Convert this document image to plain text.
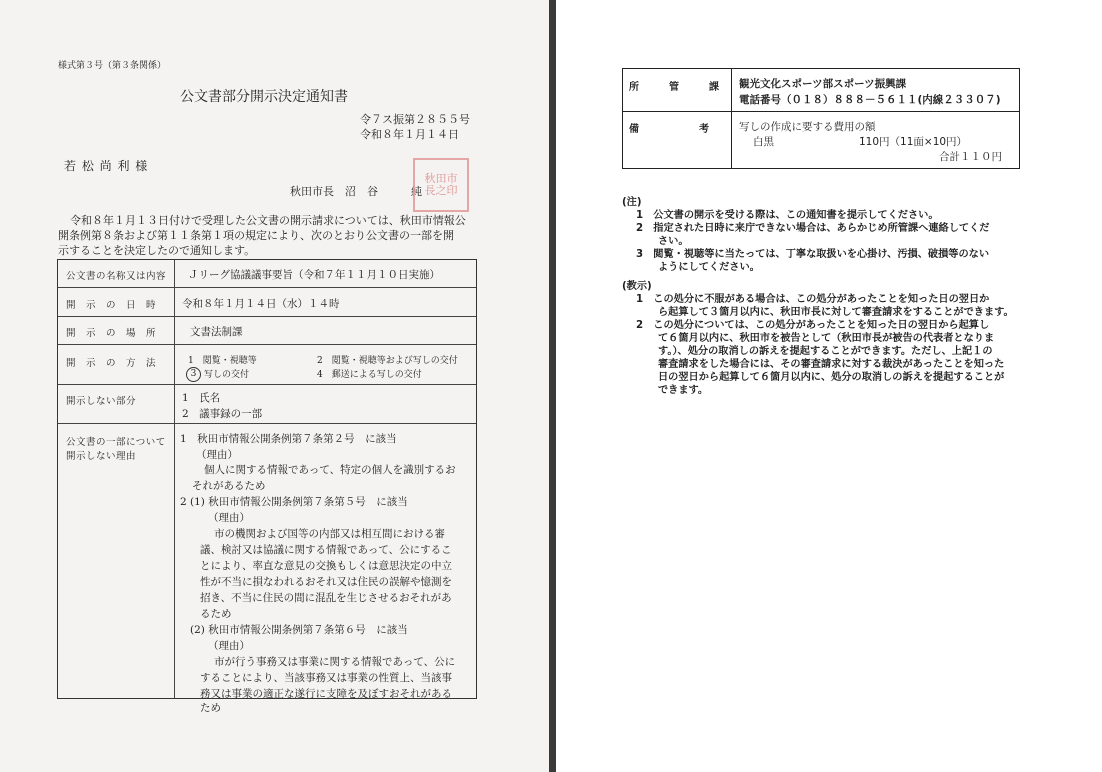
様式第３号（第３条関係）
公文書部分開示決定通知書
令７ス振第２８５５号
令和８年１月１４日
若 松 尚 利 様
秋田市長　沼　谷　　　純
秋田市
長之印
令和８年１月１３日付けで受理した公文書の開示請求については、秋田市情報公
開条例第８条および第１１条第１項の規定により、次のとおり公文書の一部を開
示することを決定したので通知します。
公文書の名称又は内容 Ｊリーグ協議議事要旨（令和７年１１月１０日実施）
開　示　の　日　時 令和８年１月１４日（水）１４時
開　示　の　場　所	文書法制課
開　示　の　方　法	1　閲覧・視聴等	2　閲覧・視聴等および写しの交付
3 写しの交付	4　郵送による写しの交付
開示しない部分	1　氏名
2　議事録の一部
公文書の一部について
開示しない理由
1　秋田市情報公開条例第７条第２号　に該当
（理由）
個人に関する情報であって、特定の個人を識別するお
それがあるため
2 (1) 秋田市情報公開条例第７条第５号　に該当
（理由）
市の機関および国等の内部又は相互間における審
議、検討又は協議に関する情報であって、公にするこ
とにより、率直な意見の交換もしくは意思決定の中立
性が不当に損なわれるおそれ又は住民の誤解や憶測を
招き、不当に住民の間に混乱を生じさせるおそれがあ
るため
(2) 秋田市情報公開条例第７条第６号　に該当
（理由）
市が行う事務又は事業に関する情報であって、公に
することにより、当該事務又は事業の性質上、当該事
務又は事業の適正な遂行に支障を及ぼすおそれがある
ため
所　　　管　　　課 観光文化スポーツ部スポーツ振興課
電話番号（０１８）８８８－５６１１(内線２３３０７)
備　　　　　　考	写しの作成に要する費用の額
白黒	1̇10円（11面×10円）
合計１１０円

(注)

1　公文書の開示を受ける際は、この通知書を提示してください。

2　指定された日時に来庁できない場合は、あらかじめ所管課へ連絡してくだ

さい。

3　閲覧・視聴等に当たっては、丁寧な取扱いを心掛け、汚損、破損等のない

ようにしてください。

(教示)

1　この処分に不服がある場合は、この処分があったことを知った日の翌日か

ら起算して３箇月以内に、秋田市長に対して審査請求をすることができます。

2　この処分については、この処分があったことを知った日の翌日から起算し

て６箇月以内に、秋田市を被告として（秋田市長が被告の代表者となりま

す。）、処分の取消しの訴えを提起することができます。ただし、上記１の

審査請求をした場合には、その審査請求に対する裁決があったことを知った

日の翌日から起算して６箇月以内に、処分の取消しの訴えを提起することが

できます。
